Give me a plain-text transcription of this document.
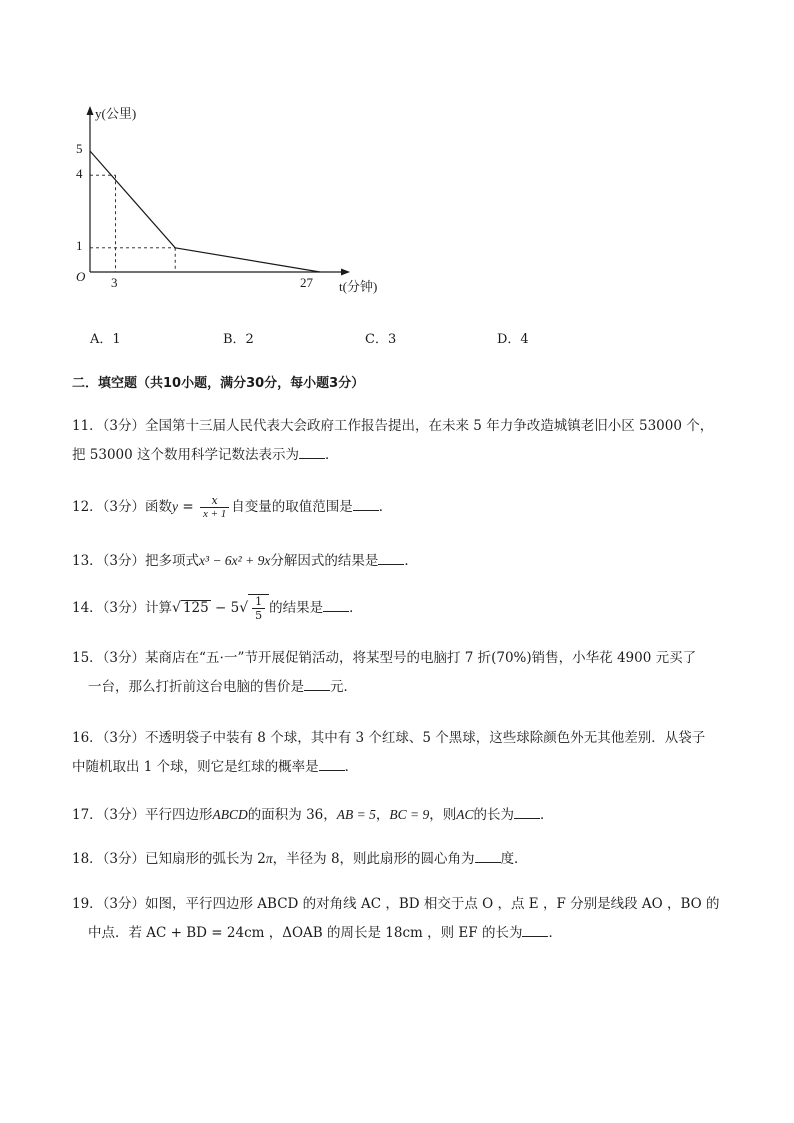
y(公里)
t(分钟)
O
5
4
1
3	27
A．1	B．2	C．3	D．4
二．填空题（共10小题，满分30分，每小题3分）
11．（3分）全国第十三届人民代表大会政府工作报告提出，在未来 5 年力争改造城镇老旧小区 53000 个，
把 53000 这个数用科学记数法表示为 ．
12．（3分）函数$y = \frac{x}{x + 1}$ 自变量的取值范围是 ．
13．（3分）把多项式x³ − 6x² + 9x分解因式的结果是 ．
14．（3分）计算√ $125 - 5√ \frac{1}{5}$ 的结果是 ．
15．（3分）某商店在“五⋅一”节开展促销活动，将某型号的电脑打 7 折(70%)销售，小华花 4900 元买了
一台，那么打折前这台电脑的售价是 元．
16．（3分）不透明袋子中装有 8 个球，其中有 3 个红球、5 个黑球，这些球除颜色外无其他差别．从袋子
中随机取出 1 个球，则它是红球的概率是 ．
17．（3分）平行四边形ABCD的面积为 36，AB = 5，BC = 9，则AC的长为 ．
18．（3分）已知扇形的弧长为 2π，半径为 8，则此扇形的圆心角为 度．
19．（3分）如图，平行四边形 ABCD 的对角线 AC ，BD 相交于点 O ，点 E ，F 分别是线段 AO ，BO 的
中点．若 AC + BD = 24cm ，ΔOAB 的周长是 18cm ，则 EF 的长为 ．
